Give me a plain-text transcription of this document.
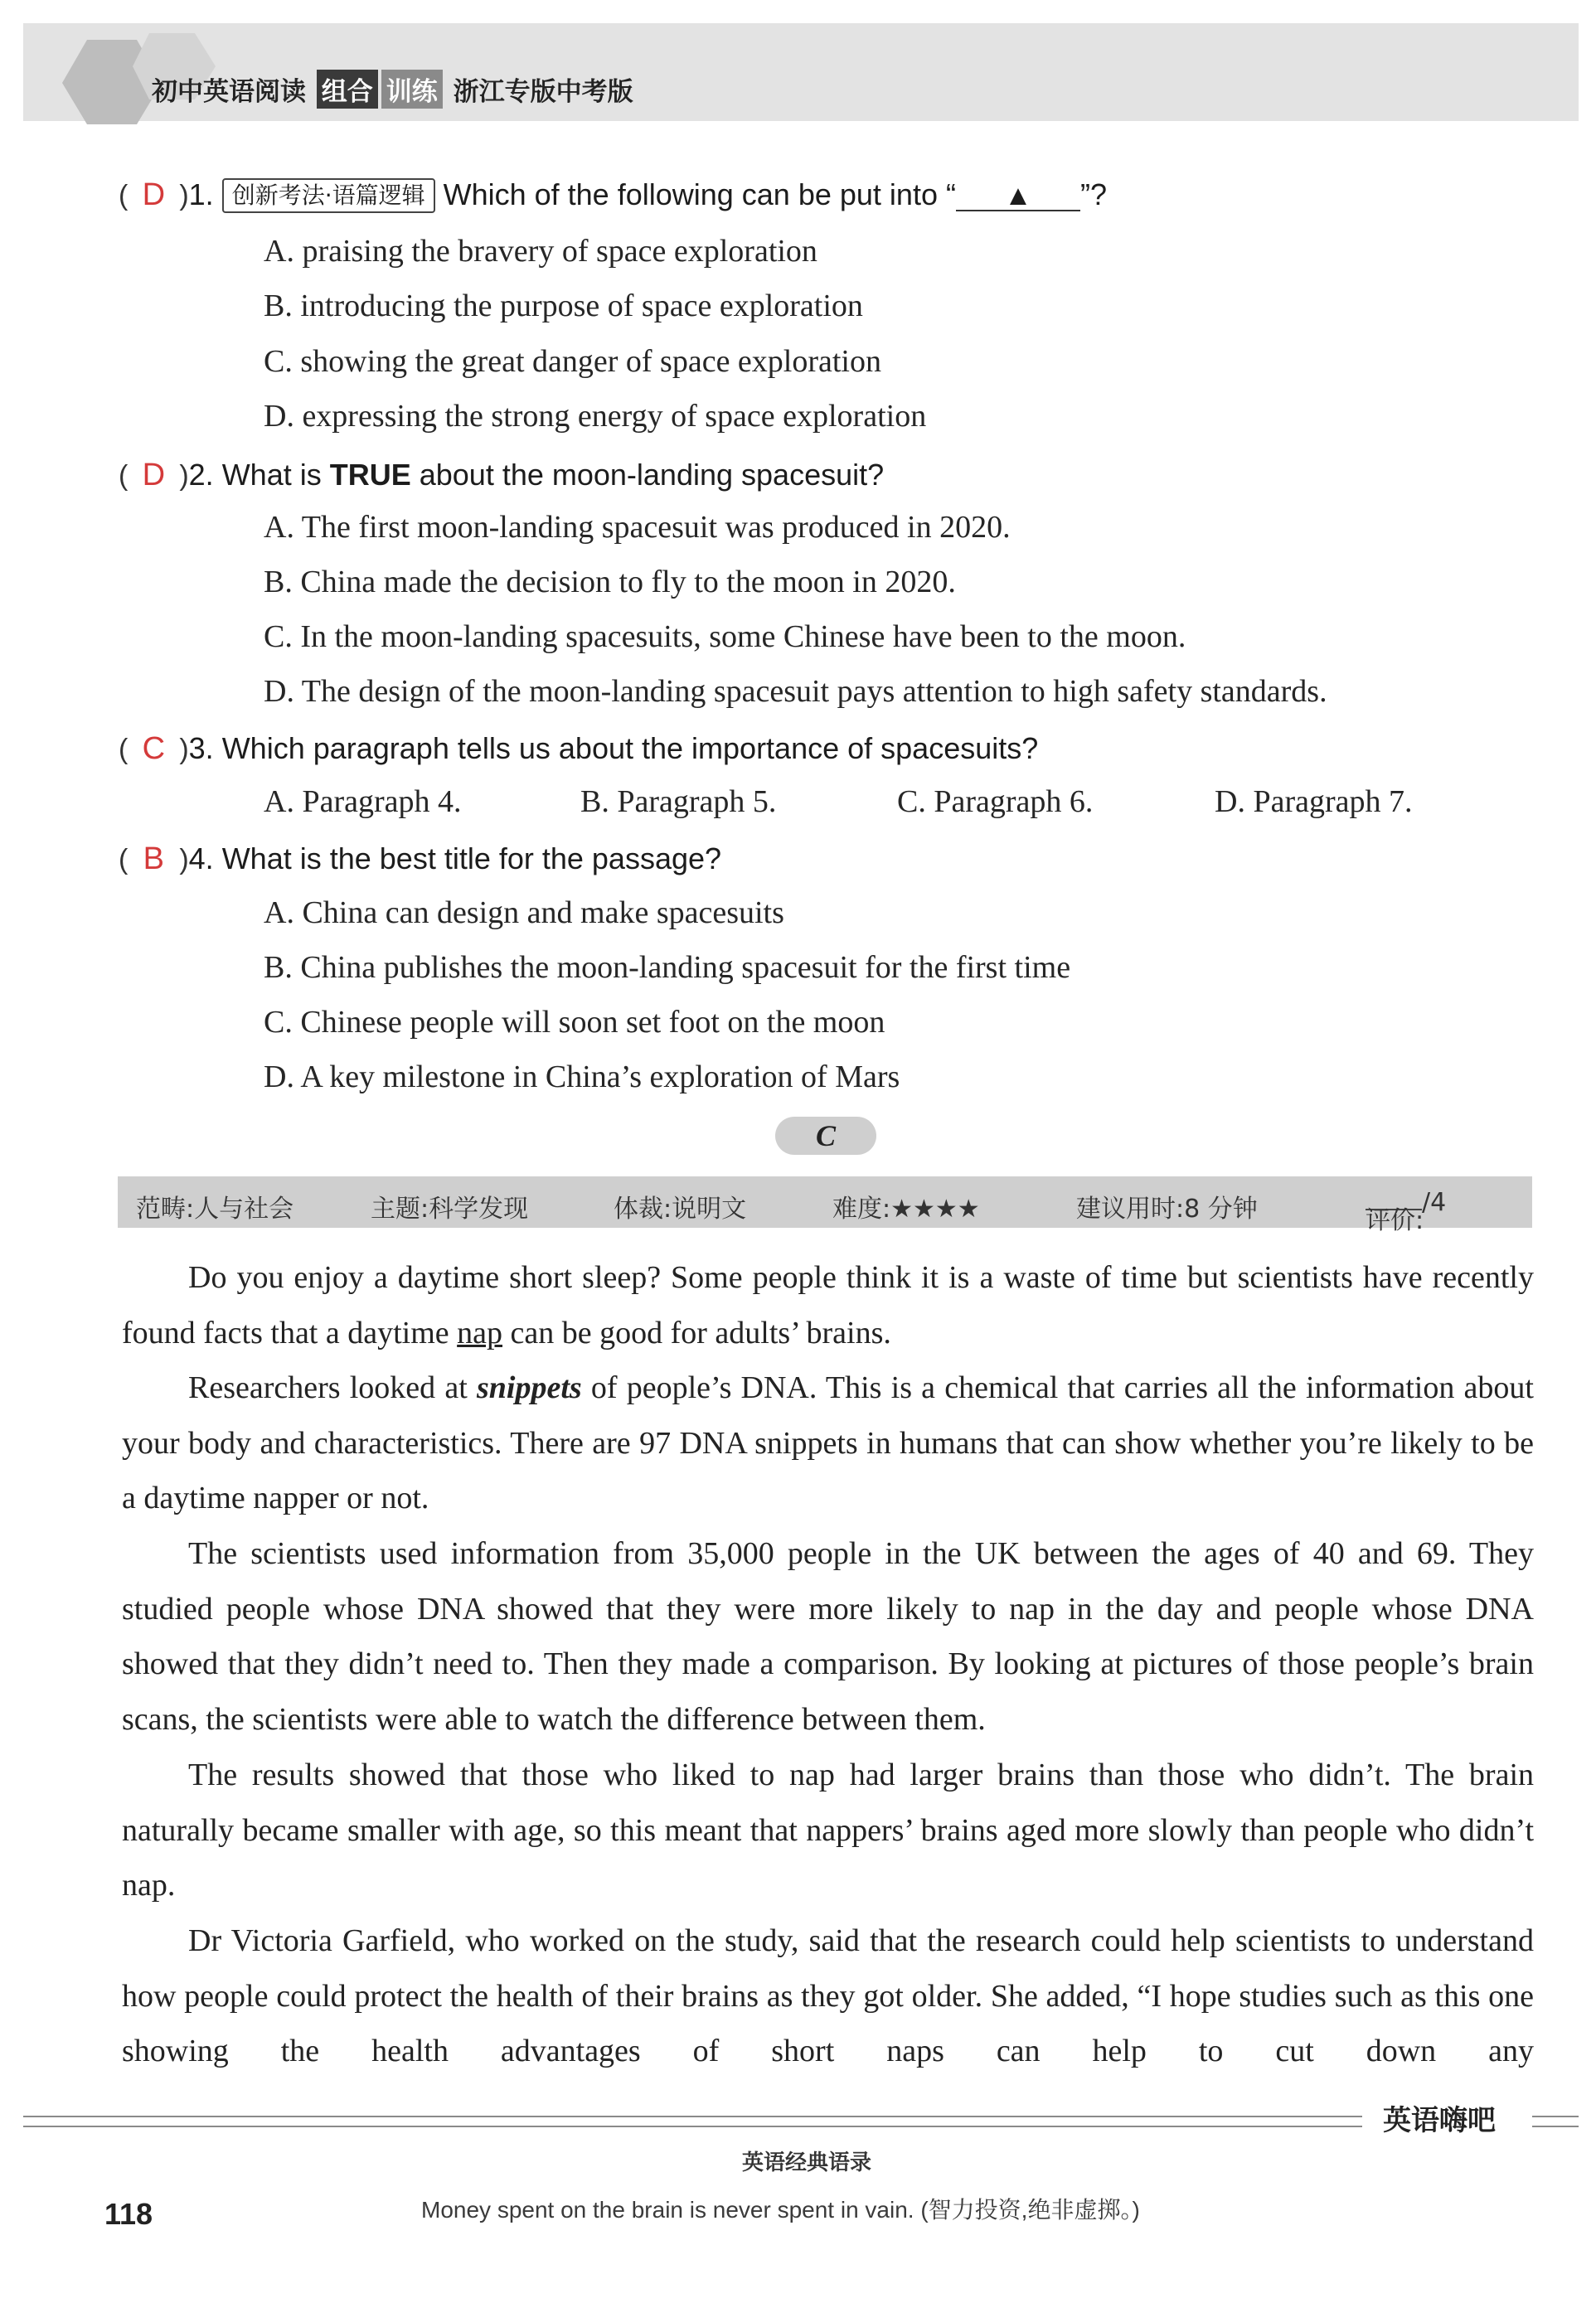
初中英语阅读 组合 训练 浙江专版中考版
( D )1. 创新考法·语篇逻辑 Which of the following can be put into “ ▲ ”?
A. praising the bravery of space exploration
B. introducing the purpose of space exploration
C. showing the great danger of space exploration
D. expressing the strong energy of space exploration
( D )2. What is TRUE about the moon-landing spacesuit?
A. The first moon-landing spacesuit was produced in 2020.
B. China made the decision to fly to the moon in 2020.
C. In the moon-landing spacesuits, some Chinese have been to the moon.
D. The design of the moon-landing spacesuit pays attention to high safety standards.
( C )3. Which paragraph tells us about the importance of spacesuits?
A. Paragraph 4.	B. Paragraph 5.	C. Paragraph 6.	D. Paragraph 7.
( B )4. What is the best title for the passage?
A. China can design and make spacesuits
B. China publishes the moon-landing spacesuit for the first time
C. Chinese people will soon set foot on the moon
D. A key milestone in China’s exploration of Mars
C
范畴:人与社会	主题:科学发现	体裁:说明文	难度:★★★★	建议用时:8 分钟	评价:
/4
Do you enjoy a daytime short sleep? Some people think it is a waste of time but scientists have recently found facts that a daytime nap can be good for adults’ brains.
Researchers looked at snippets of people’s DNA. This is a chemical that carries all the information about your body and characteristics. There are 97 DNA snippets in humans that can show whether you’re likely to be a daytime napper or not.
The scientists used information from 35,000 people in the UK between the ages of 40 and 69. They studied people whose DNA showed that they were more likely to nap in the day and people whose DNA showed that they didn’t need to. Then they made a comparison. By looking at pictures of those people’s brain scans, the scientists were able to watch the difference between them.
The results showed that those who liked to nap had larger brains than those who didn’t. The brain naturally became smaller with age, so this meant that nappers’ brains aged more slowly than people who didn’t nap.
Dr Victoria Garfield, who worked on the study, said that the research could help scientists to understand how people could protect the health of their brains as they got older. She added, “I hope studies such as this one showing the health advantages of short naps can help to cut down any
英语嗨吧
英语经典语录
Money spent on the brain is never spent in vain. (智力投资,绝非虚掷。)
118
